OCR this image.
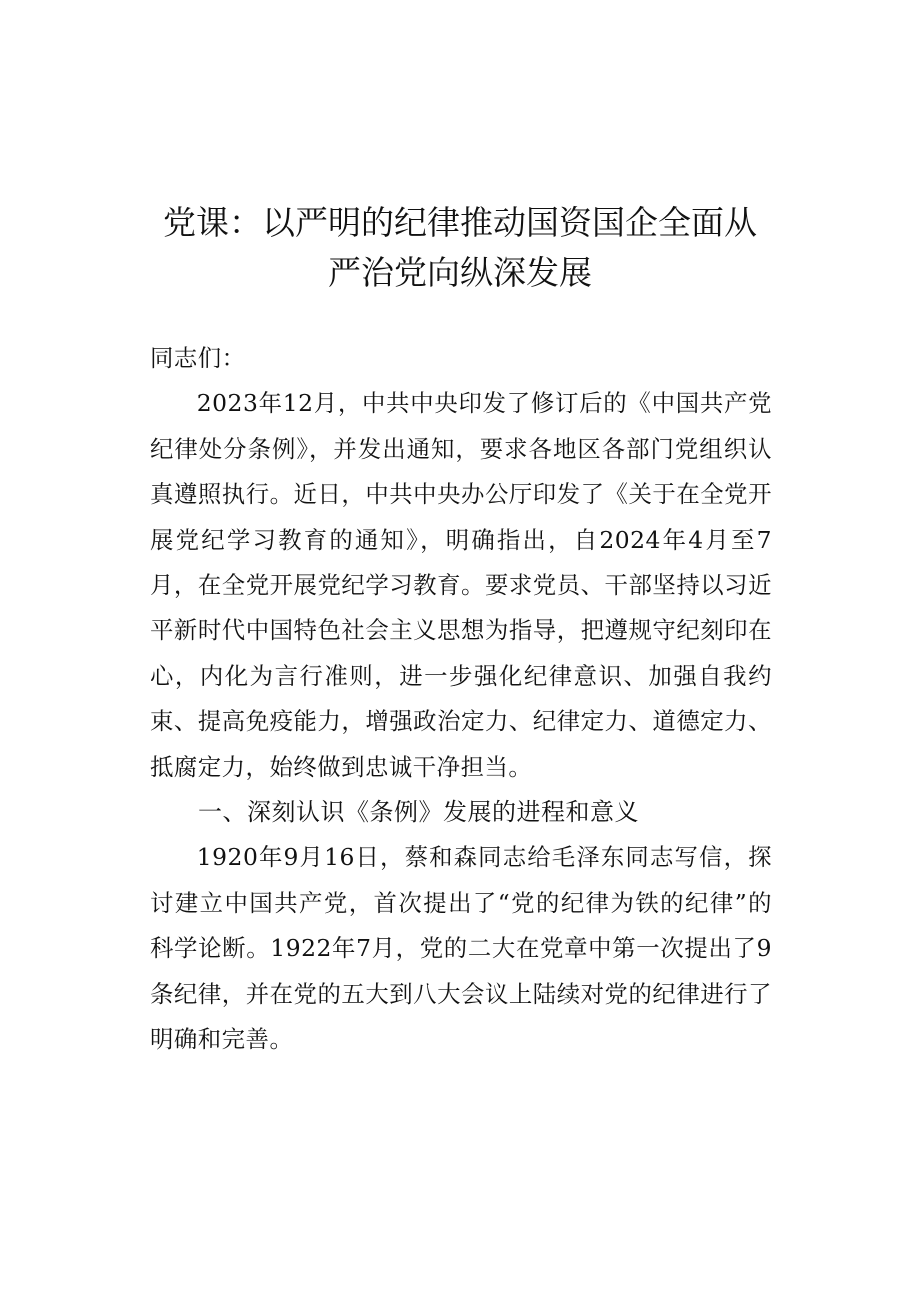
党课：以严明的纪律推动国资国企全面从
严治党向纵深发展

同志们：

2023年12月，中共中央印发了修订后的《中国共产党纪律处分条例》，并发出通知，要求各地区各部门党组织认真遵照执行。近日，中共中央办公厅印发了《关于在全党开展党纪学习教育的通知》，明确指出，自2024年4月至7月，在全党开展党纪学习教育。要求党员、干部坚持以习近平新时代中国特色社会主义思想为指导，把遵规守纪刻印在心，内化为言行准则，进一步强化纪律意识、加强自我约束、提高免疫能力，增强政治定力、纪律定力、道德定力、抵腐定力，始终做到忠诚干净担当。

一、深刻认识《条例》发展的进程和意义

1920年9月16日，蔡和森同志给毛泽东同志写信，探讨建立中国共产党，首次提出了“党的纪律为铁的纪律”的科学论断。1922年7月，党的二大在党章中第一次提出了9条纪律，并在党的五大到八大会议上陆续对党的纪律进行了明确和完善。
